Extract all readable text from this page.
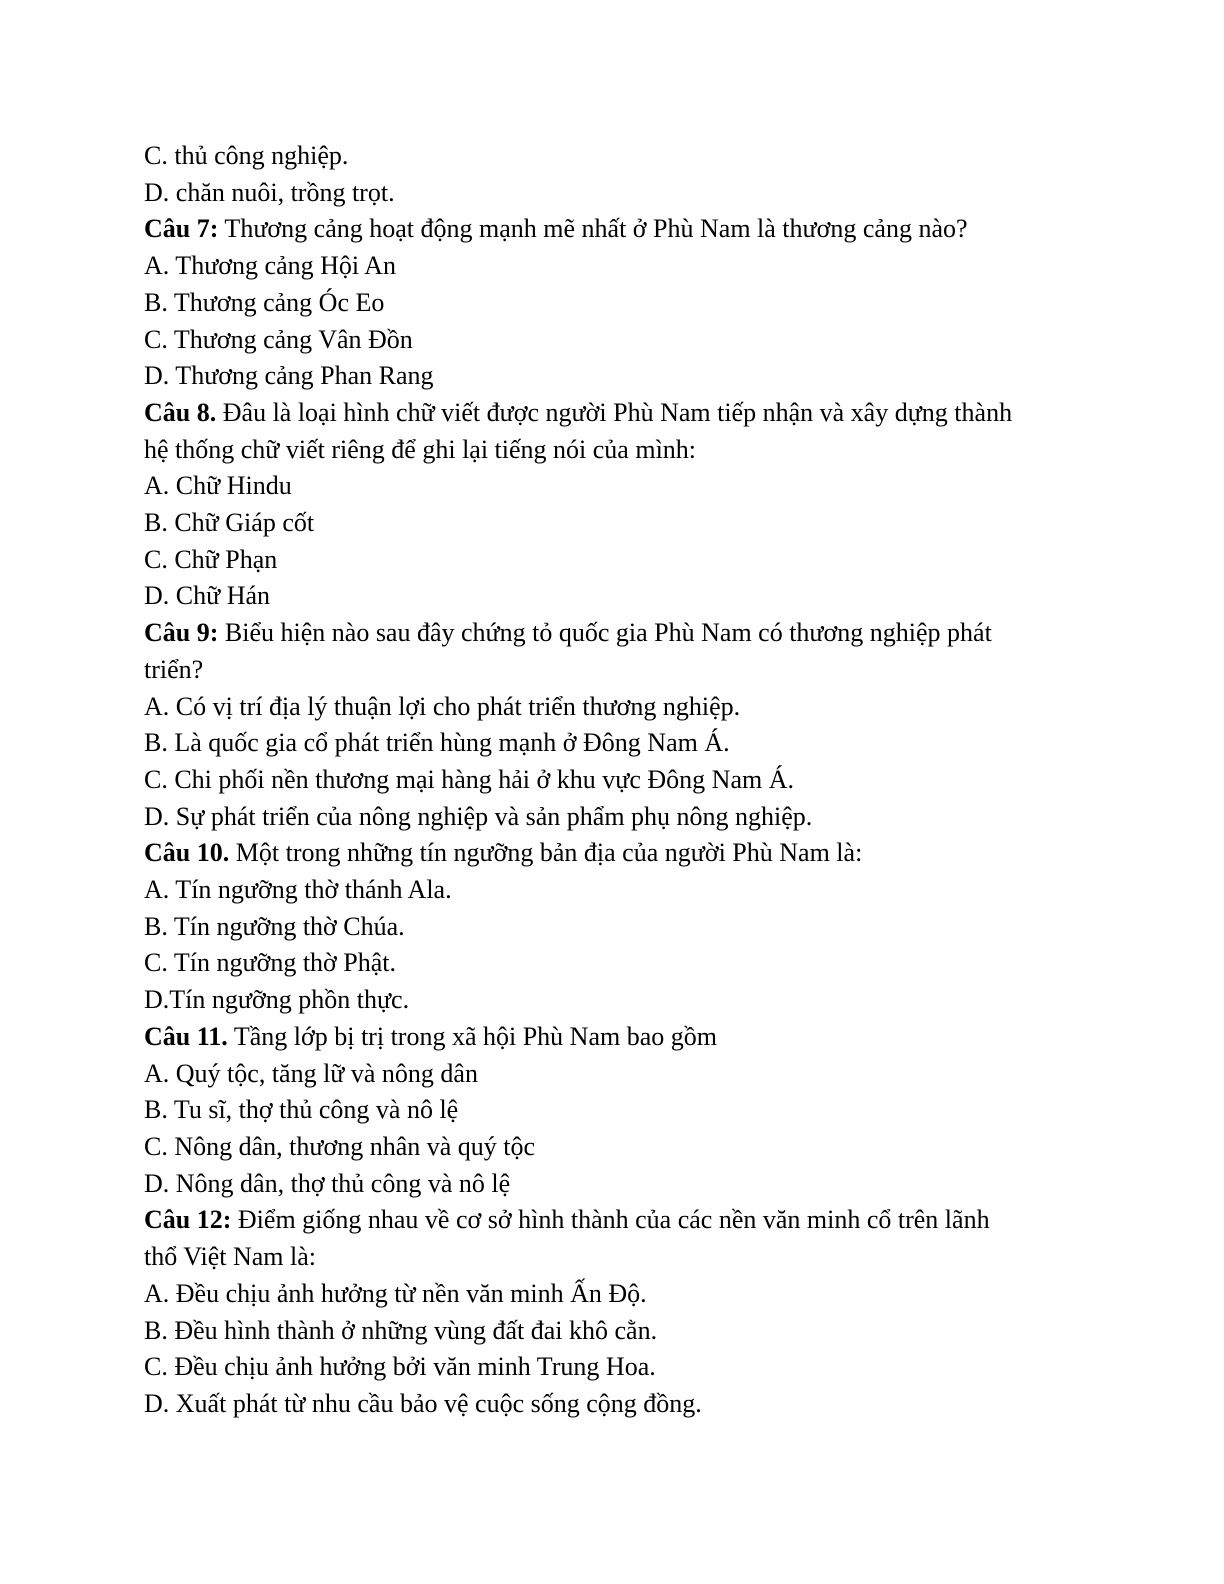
C. thủ công nghiệp.

D. chăn nuôi, trồng trọt.

Câu 7: Thương cảng hoạt động mạnh mẽ nhất ở Phù Nam là thương cảng nào?

A. Thương cảng Hội An

B. Thương cảng Óc Eo

C. Thương cảng Vân Đồn

D. Thương cảng Phan Rang

Câu 8. Đâu là loại hình chữ viết được người Phù Nam tiếp nhận và xây dựng thành

hệ thống chữ viết riêng để ghi lại tiếng nói của mình:

A. Chữ Hindu

B. Chữ Giáp cốt

C. Chữ Phạn

D. Chữ Hán

Câu 9: Biểu hiện nào sau đây chứng tỏ quốc gia Phù Nam có thương nghiệp phát

triển?

A. Có vị trí địa lý thuận lợi cho phát triển thương nghiệp.

B. Là quốc gia cổ phát triển hùng mạnh ở Đông Nam Á.

C. Chi phối nền thương mại hàng hải ở khu vực Đông Nam Á.

D. Sự phát triển của nông nghiệp và sản phẩm phụ nông nghiệp.

Câu 10. Một trong những tín ngưỡng bản địa của người Phù Nam là:

A. Tín ngưỡng thờ thánh Ala.

B. Tín ngưỡng thờ Chúa.

C. Tín ngưỡng thờ Phật.

D.Tín ngưỡng phồn thực.

Câu 11. Tầng lớp bị trị trong xã hội Phù Nam bao gồm

A. Quý tộc, tăng lữ và nông dân

B. Tu sĩ, thợ thủ công và nô lệ

C. Nông dân, thương nhân và quý tộc

D. Nông dân, thợ thủ công và nô lệ

Câu 12: Điểm giống nhau về cơ sở hình thành của các nền văn minh cổ trên lãnh

thổ Việt Nam là:

A. Đều chịu ảnh hưởng từ nền văn minh Ấn Độ.

B. Đều hình thành ở những vùng đất đai khô cằn.

C. Đều chịu ảnh hưởng bởi văn minh Trung Hoa.

D. Xuất phát từ nhu cầu bảo vệ cuộc sống cộng đồng.
